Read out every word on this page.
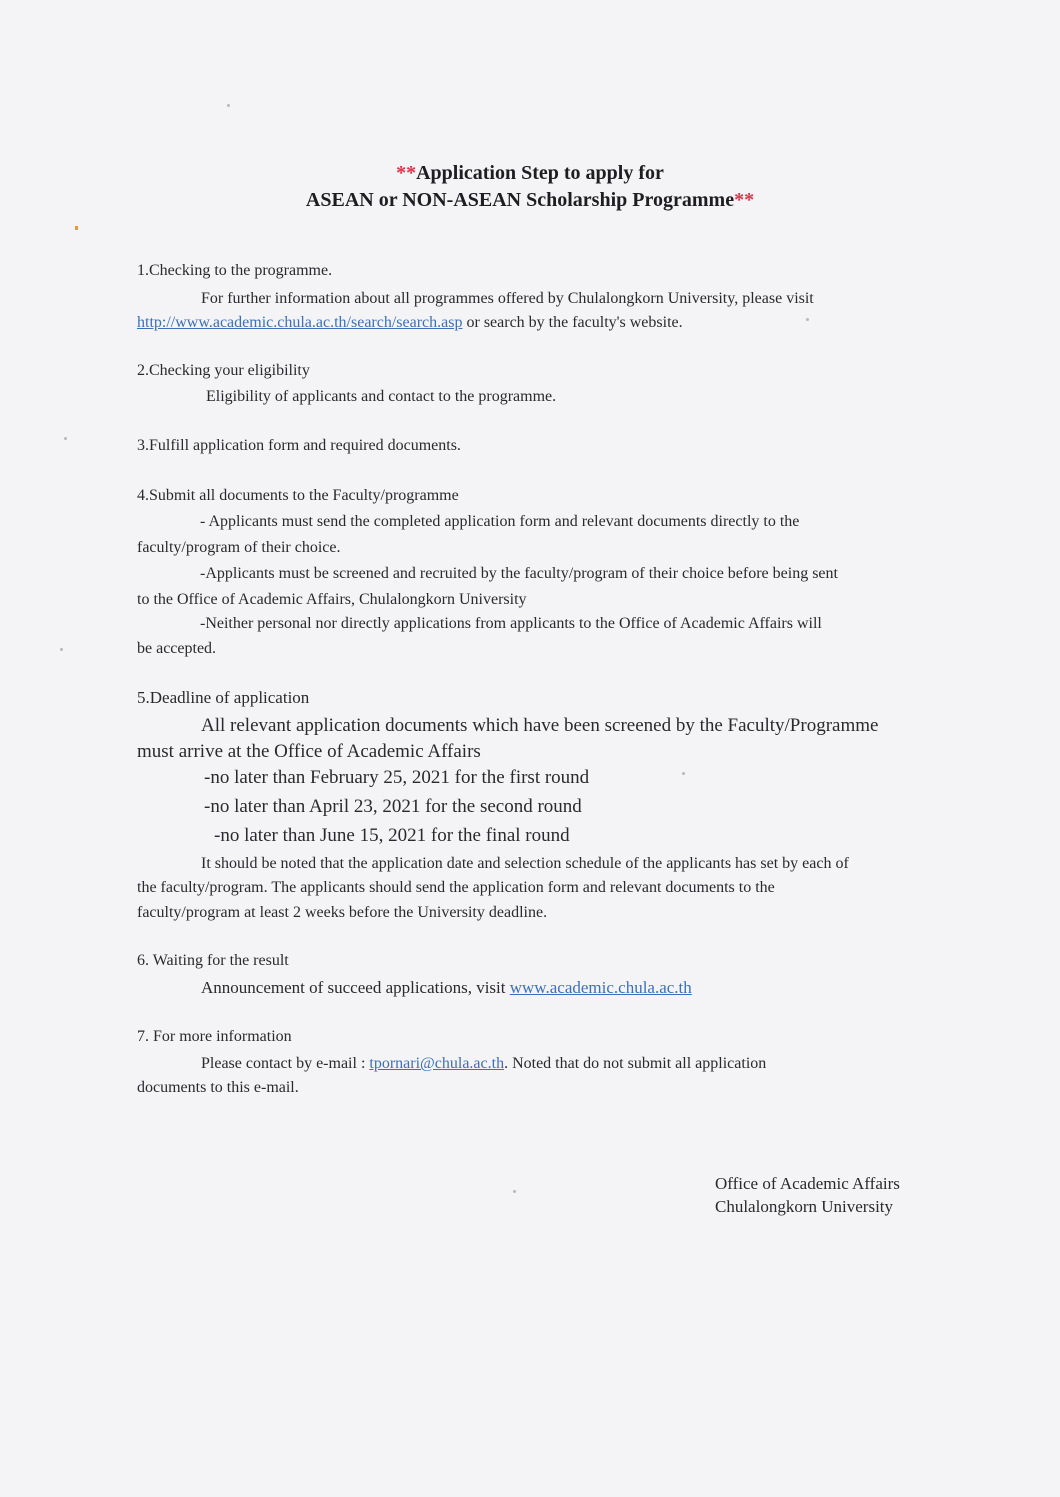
**Application Step to apply for
ASEAN or NON-ASEAN Scholarship Programme**

1.Checking to the programme.

For further information about all programmes offered by Chulalongkorn University, please visit

http://www.academic.chula.ac.th/search/search.asp or search by the faculty's website.

2.Checking your eligibility

Eligibility of applicants and contact to the programme.

3.Fulfill application form and required documents.

4.Submit all documents to the Faculty/programme

- Applicants must send the completed application form and relevant documents directly to the

faculty/program of their choice.

-Applicants must be screened and recruited by the faculty/program of their choice before being sent

to the Office of Academic Affairs, Chulalongkorn University

-Neither personal nor directly applications from applicants to the Office of Academic Affairs will

be accepted.

5.Deadline of application

All relevant application documents which have been screened by the Faculty/Programme

must arrive at the Office of Academic Affairs

-no later than February 25, 2021 for the first round

-no later than April 23, 2021 for the second round

-no later than June 15, 2021 for the final round

It should be noted that the application date and selection schedule of the applicants has set by each of

the faculty/program. The applicants should send the application form and relevant documents to the

faculty/program at least 2 weeks before the University deadline.

6. Waiting for the result

Announcement of succeed applications, visit www.academic.chula.ac.th

7. For more information

Please contact by e-mail : tpornari@chula.ac.th. Noted that do not submit all application

documents to this e-mail.

Office of Academic Affairs

Chulalongkorn University
